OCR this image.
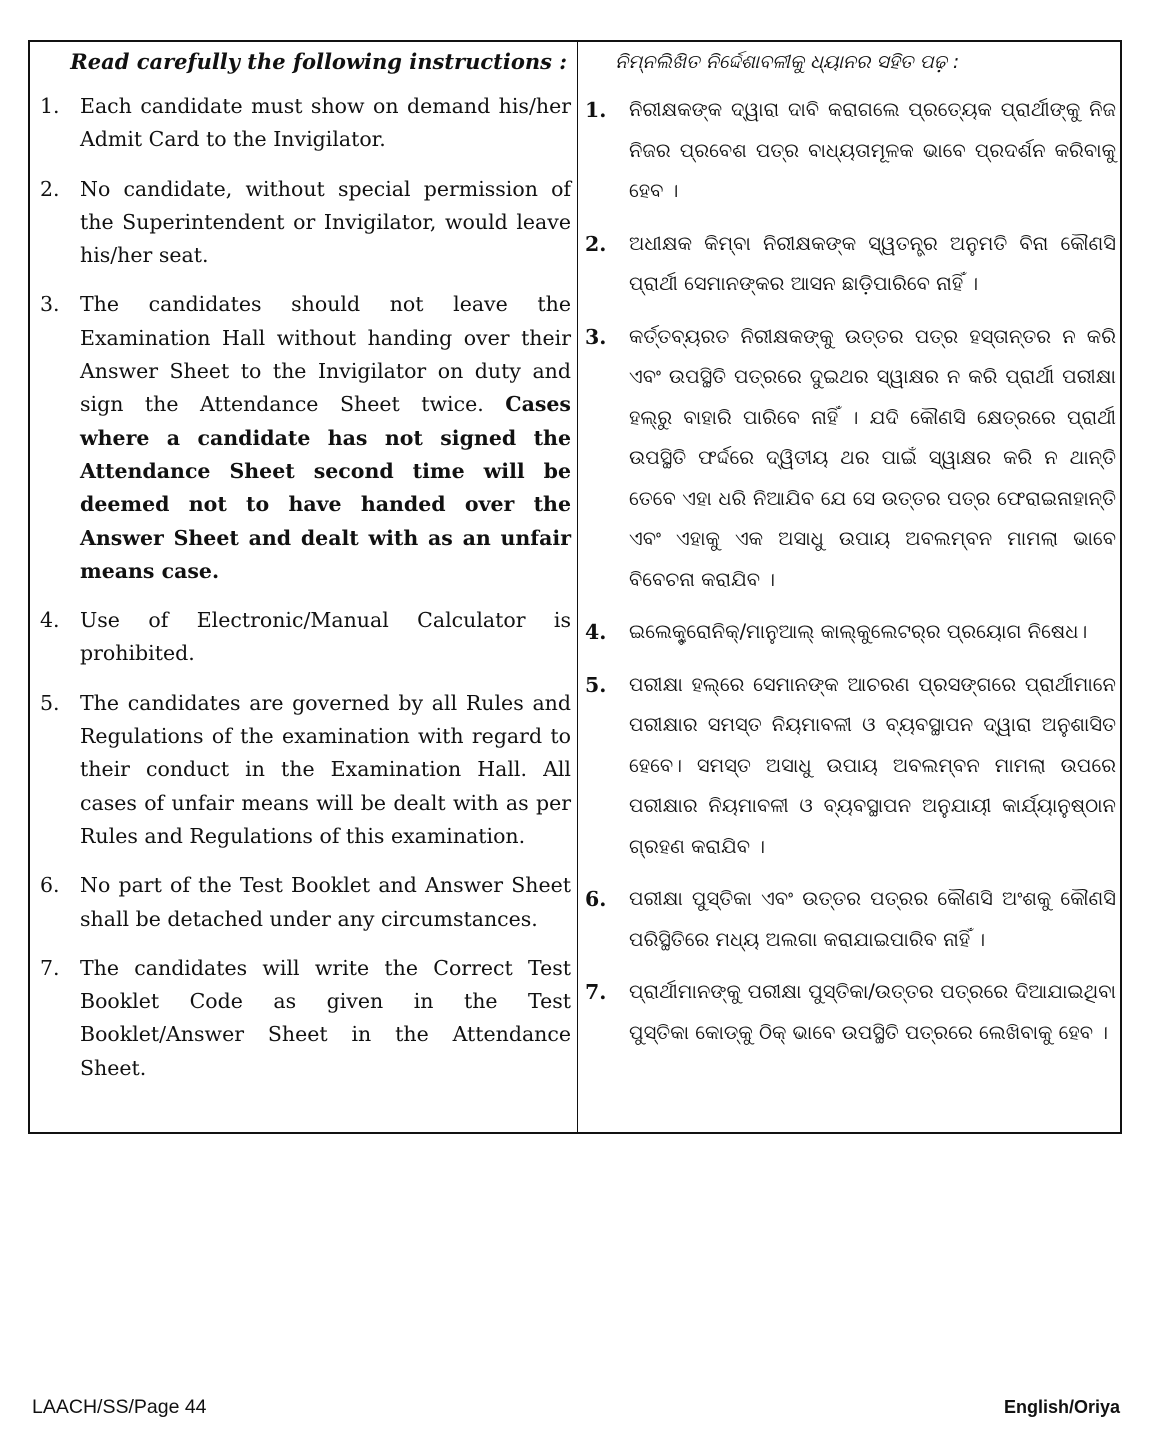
Read carefully the following instructions :
1. Each candidate must show on demand his/her Admit Card to the Invigilator.
2. No candidate, without special permission of the Superintendent or Invigilator, would leave his/her seat.
3. The candidates should not leave the Examination Hall without handing over their Answer Sheet to the Invigilator on duty and sign the Attendance Sheet twice. Cases where a candidate has not signed the Attendance Sheet second time will be deemed not to have handed over the Answer Sheet and dealt with as an unfair means case.
4. Use of Electronic/Manual Calculator is prohibited.
5. The candidates are governed by all Rules and Regulations of the examination with regard to their conduct in the Examination Hall. All cases of unfair means will be dealt with as per Rules and Regulations of this examination.
6. No part of the Test Booklet and Answer Sheet shall be detached under any circumstances.
7. The candidates will write the Correct Test Booklet Code as given in the Test Booklet/Answer Sheet in the Attendance Sheet.
ନିମ୍ନଲିଖିତ ନିର୍ଦ୍ଦେଶାବଳୀକୁ ଧ୍ୟାନର ସହିତ ପଢ଼ :
1.	ନିରୀକ୍ଷକଙ୍କ ଦ୍ୱାରା ଦାବି କରାଗଲେ ପ୍ରତ୍ୟେକ ପ୍ରାର୍ଥୀଙ୍କୁ ନିଜ ନିଜର ପ୍ରବେଶ ପତ୍ର ବାଧ୍ୟତାମୂଳକ ଭାବେ ପ୍ରଦର୍ଶନ କରିବାକୁ ହେବ ।
2.	ଅଧୀକ୍ଷକ କିମ୍ବା ନିରୀକ୍ଷକଙ୍କ ସ୍ୱତନ୍ତ୍ର ଅନୁମତି ବିନା କୌଣସି ପ୍ରାର୍ଥୀ ସେମାନଙ୍କର ଆସନ ଛାଡ଼ିପାରିବେ ନାହିଁ ।
3.	କର୍ତ୍ତବ୍ୟରତ ନିରୀକ୍ଷକଙ୍କୁ ଉତ୍ତର ପତ୍ର ହସ୍ତାନ୍ତର ନ କରି ଏବଂ ଉପସ୍ଥିତି ପତ୍ରରେ ଦୁଇଥର ସ୍ୱାକ୍ଷର ନ କରି ପ୍ରାର୍ଥୀ ପରୀକ୍ଷା ହଲ୍‌ରୁ ବାହାରି ପାରିବେ ନାହିଁ । ଯଦି କୌଣସି କ୍ଷେତ୍ରରେ ପ୍ରାର୍ଥୀ ଉପସ୍ଥିତି ଫର୍ଦ୍ଦରେ ଦ୍ୱିତୀୟ ଥର ପାଇଁ ସ୍ୱାକ୍ଷର କରି ନ ଥାନ୍ତି ତେବେ ଏହା ଧରି ନିଆଯିବ ଯେ ସେ ଉତ୍ତର ପତ୍ର ଫେରାଇନାହାନ୍ତି ଏବଂ ଏହାକୁ ଏକ ଅସାଧୁ ଉପାୟ ଅବଲମ୍ବନ ମାମଲା ଭାବେ ବିବେଚନା କରାଯିବ ।
4.	ଇଲେକ୍ଟ୍ରୋନିକ୍/ମାନୁଆଲ୍ କାଲ୍‌କୁଲେଟର୍‌ର ପ୍ରୟୋଗ ନିଷେଧ।
5.	ପରୀକ୍ଷା ହଲ୍‌ରେ ସେମାନଙ୍କ ଆଚରଣ ପ୍ରସଙ୍ଗରେ ପ୍ରାର୍ଥୀମାନେ ପରୀକ୍ଷାର ସମସ୍ତ ନିୟମାବଳୀ ଓ ବ୍ୟବସ୍ଥାପନ ଦ୍ୱାରା ଅନୁଶାସିତ ହେବେ। ସମସ୍ତ ଅସାଧୁ ଉପାୟ ଅବଲମ୍ବନ ମାମଲା ଉପରେ ପରୀକ୍ଷାର ନିୟମାବଳୀ ଓ ବ୍ୟବସ୍ଥାପନ ଅନୁଯାୟୀ କାର୍ଯ୍ୟାନୁଷ୍ଠାନ ଗ୍ରହଣ କରାଯିବ ।
6.	ପରୀକ୍ଷା ପୁସ୍ତିକା ଏବଂ ଉତ୍ତର ପତ୍ରର କୌଣସି ଅଂଶକୁ କୌଣସି ପରିସ୍ଥିତିରେ ମଧ୍ୟ ଅଲଗା କରାଯାଇପାରିବ ନାହିଁ ।
7.	ପ୍ରାର୍ଥୀମାନଙ୍କୁ ପରୀକ୍ଷା ପୁସ୍ତିକା/ଉତ୍ତର ପତ୍ରରେ ଦିଆଯାଇଥିବା ପୁସ୍ତିକା କୋଡ୍‌କୁ ଠିକ୍ ଭାବେ ଉପସ୍ଥିତି ପତ୍ରରେ ଲେଖିବାକୁ ହେବ ।
LAACH/SS/Page 44	English/Oriya
